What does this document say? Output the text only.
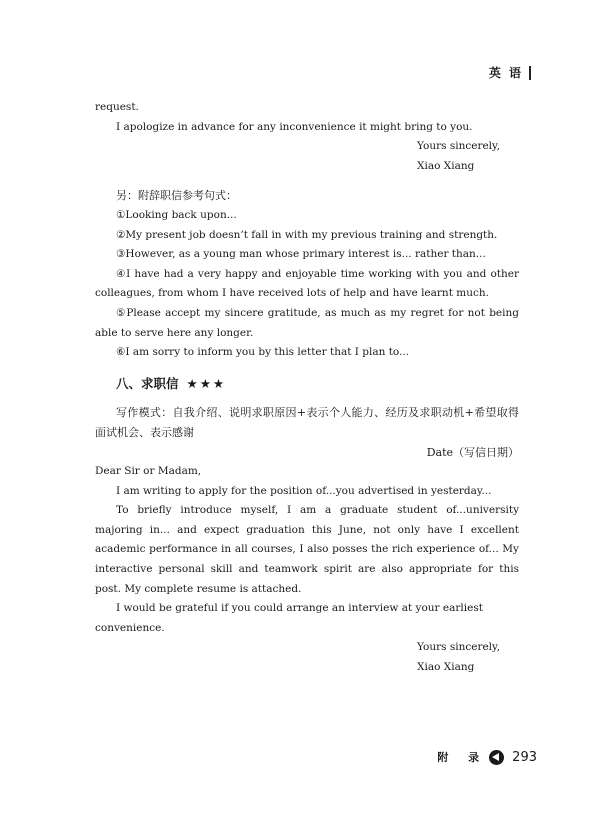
英 语

request.

I apologize in advance for any inconvenience it might bring to you.

Yours sincerely,

Xiao Xiang

另：附辞职信参考句式：

①Looking back upon...

②My present job doesn’t fall in with my previous training and strength.

③However, as a young man whose primary interest is... rather than...

④I have had a very happy and enjoyable time working with you and other colleagues, from whom I have received lots of help and have learnt much.

⑤Please accept my sincere gratitude, as much as my regret for not being able to serve here any longer.

⑥I am sorry to inform you by this letter that I plan to...

八、求职信 ★★★

写作模式：自我介绍、说明求职原因+表示个人能力、经历及求职动机+希望取得面试机会、表示感谢

Date（写信日期）

Dear Sir or Madam,

I am writing to apply for the position of...you advertised in yesterday...

To briefly introduce myself, I am a graduate student of...university majoring in... and expect graduation this June, not only have I excellent academic performance in all courses, I also posses the rich experience of... My interactive personal skill and teamwork spirit are also appropriate for this post. My complete resume is attached.

I would be grateful if you could arrange an interview at your earliest convenience.

Yours sincerely,

Xiao Xiang

附 录 293
